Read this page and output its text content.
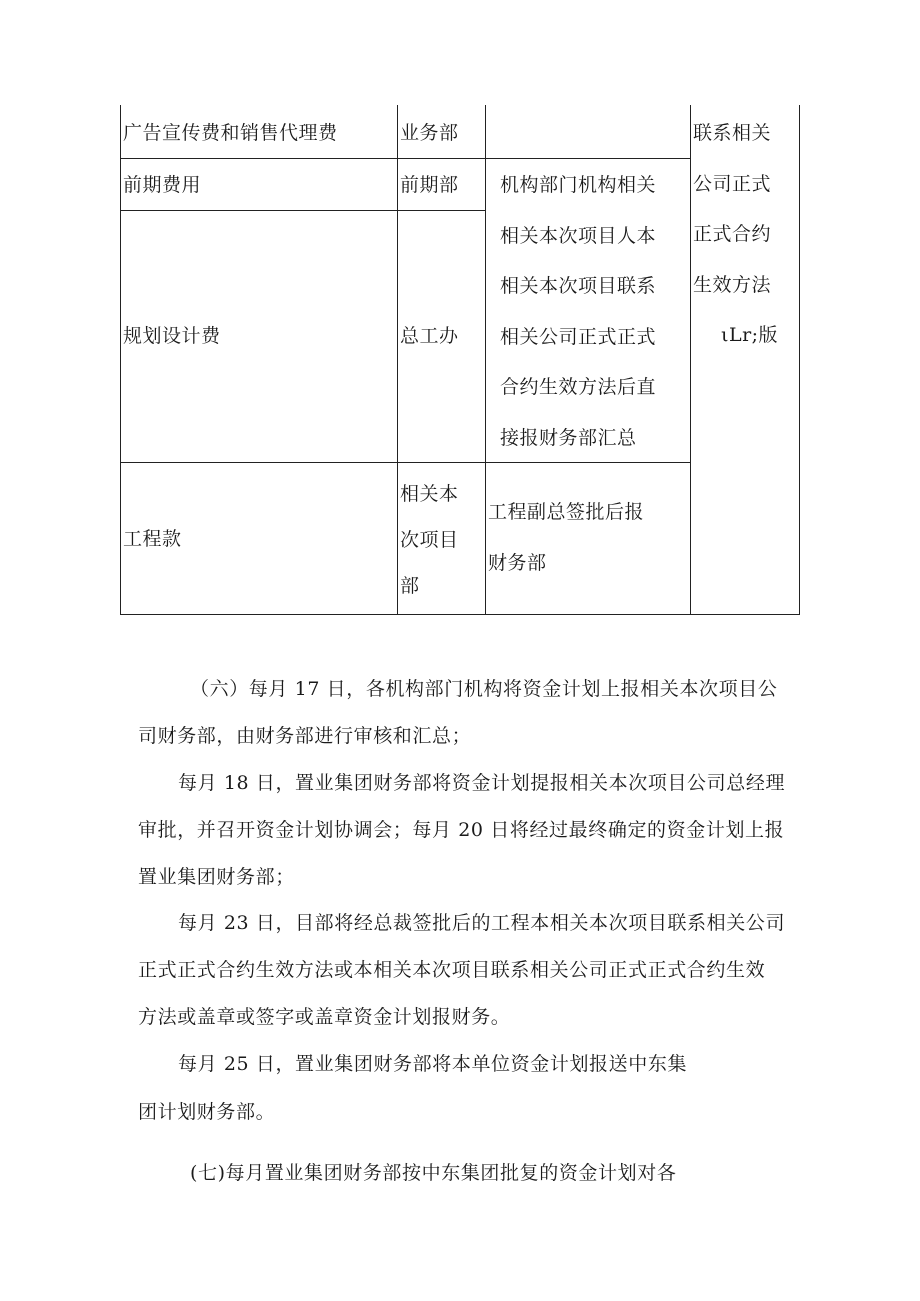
广告宣传费和销售代理费
前期费用
规划设计费
工程款
业务部
前期部
总工办
相关本
次项目
部
机构部门机构相关
相关本次项目人本
相关本次项目联系
相关公司正式正式
合约生效方法后直
接报财务部汇总
工程副总签批后报
财务部
联系相关
公司正式
正式合约
生效方法
ιLr;版
（六）每月 17 日，各机构部门机构将资金计划上报相关本次项目公
司财务部，由财务部进行审核和汇总；
每月 18 日，置业集团财务部将资金计划提报相关本次项目公司总经理
审批，并召开资金计划协调会；每月 20 日将经过最终确定的资金计划上报
置业集团财务部；
每月 23 日，目部将经总裁签批后的工程本相关本次项目联系相关公司
正式正式合约生效方法或本相关本次项目联系相关公司正式正式合约生效
方法或盖章或签字或盖章资金计划报财务。
每月 25 日，置业集团财务部将本单位资金计划报送中东集
团计划财务部。
(七)每月置业集团财务部按中东集团批复的资金计划对各
